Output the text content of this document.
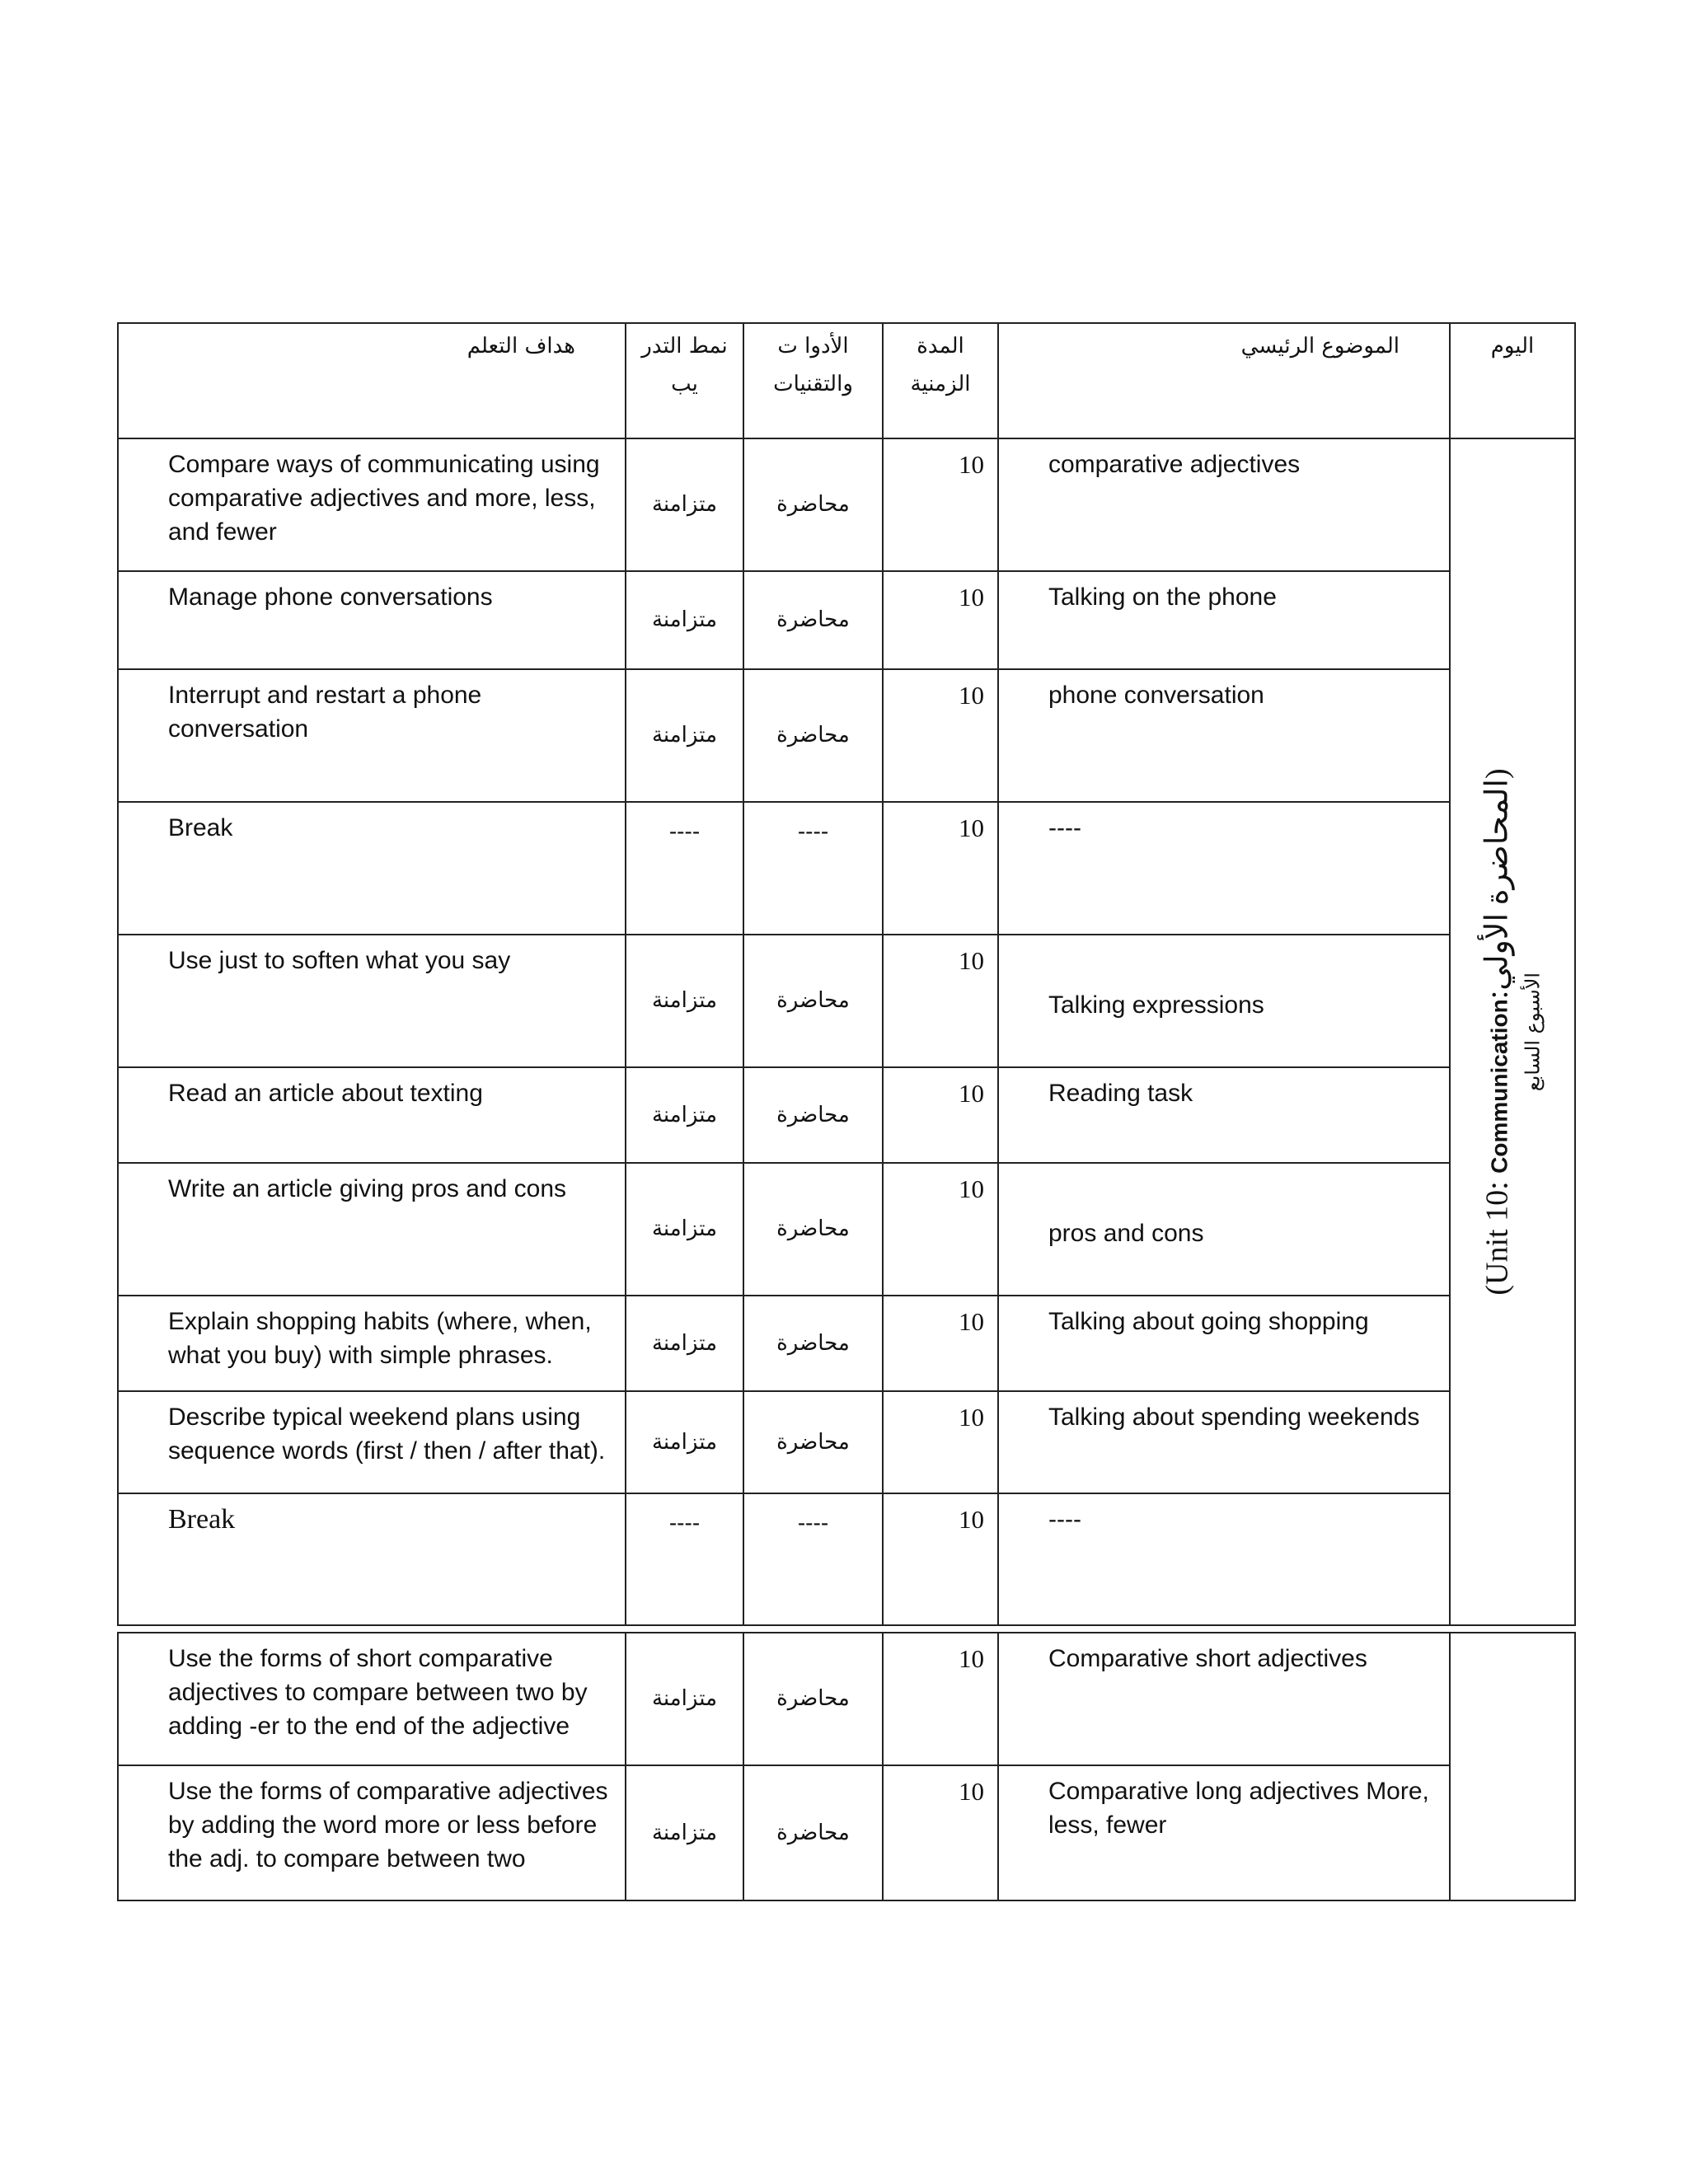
هداف التعلم	نمط التدر يب	الأدوا ت والتقنيات	المدة الزمنية	الموضوع الرئيسي	اليوم
Compare ways of communicating using comparative adjectives and more, less, and fewer	متزامنة	محاضرة	10	comparative adjectives	(Unit 10: Communication:المحاضرة الأولي)
الأسبوع السابع

Manage phone conversations	متزامنة	محاضرة	10	Talking on the phone	
Interrupt and restart a phone conversation	متزامنة	محاضرة	10	phone conversation	
Break	----	----	10	----	
Use just to soften what you say	متزامنة	محاضرة	10	Talking expressions	
Read an article about texting	متزامنة	محاضرة	10	Reading task	
Write an article giving pros and cons	متزامنة	محاضرة	10	pros and cons	
Explain shopping habits (where, when, what you buy) with simple phrases.	متزامنة	محاضرة	10	Talking about going shopping	
Describe typical weekend plans using sequence words (first / then / after that).	متزامنة	محاضرة	10	Talking about spending weekends	
Break	----	----	10	----	
Use the forms of short comparative adjectives to compare between two by adding -er to the end of the adjective	متزامنة	محاضرة	10	Comparative short adjectives	
Use the forms of comparative adjectives by adding the word more or less before the adj. to compare between two	متزامنة	محاضرة	10	Comparative long adjectives More, less, fewer	
